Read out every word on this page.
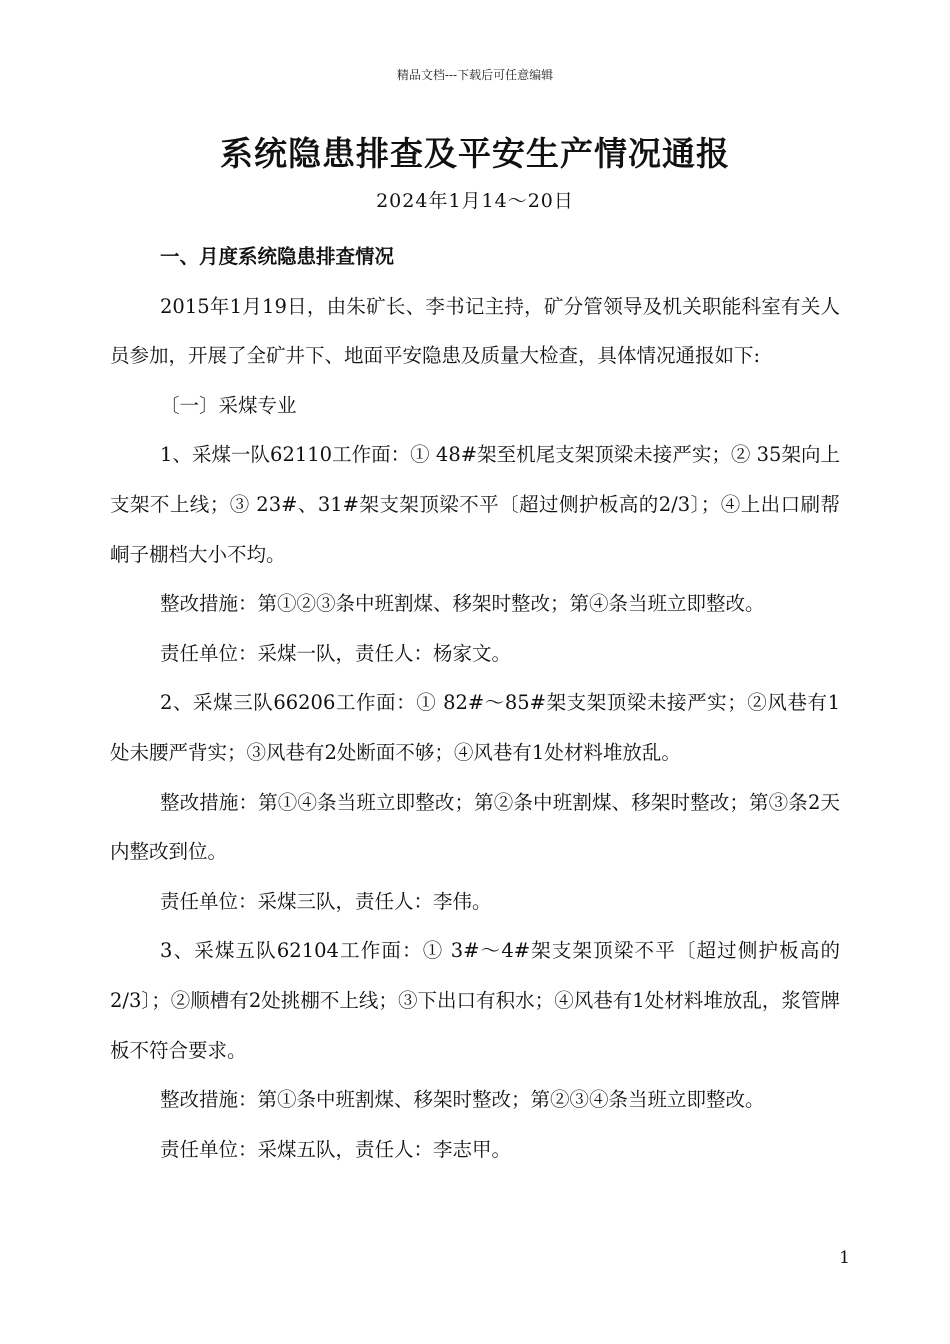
精品文档---下载后可任意编辑
系统隐患排查及平安生产情况通报
2024年1月14～20日

一、月度系统隐患排查情况

2015年1月19日，由朱矿长、李书记主持，矿分管领导及机关职能科室有关人员参加，开展了全矿井下、地面平安隐患及质量大检查，具体情况通报如下:

〔一〕采煤专业

1、采煤一队62110工作面：① 48#架至机尾支架顶梁未接严实；② 35架向上支架不上线；③ 23#、31#架支架顶梁不平〔超过侧护板高的2/3〕；④上出口刷帮峒子棚档大小不均。

整改措施：第①②③条中班割煤、移架时整改；第④条当班立即整改。

责任单位：采煤一队，责任人：杨家文。

2、采煤三队66206工作面：① 82#～85#架支架顶梁未接严实；②风巷有1处未腰严背实；③风巷有2处断面不够；④风巷有1处材料堆放乱。

整改措施：第①④条当班立即整改；第②条中班割煤、移架时整改；第③条2天内整改到位。

责任单位：采煤三队，责任人：李伟。

3、采煤五队62104工作面：① 3#～4#架支架顶梁不平〔超过侧护板高的2/3〕；②顺槽有2处挑棚不上线；③下出口有积水；④风巷有1处材料堆放乱，浆管牌板不符合要求。

整改措施：第①条中班割煤、移架时整改；第②③④条当班立即整改。

责任单位：采煤五队，责任人：李志甲。

1
